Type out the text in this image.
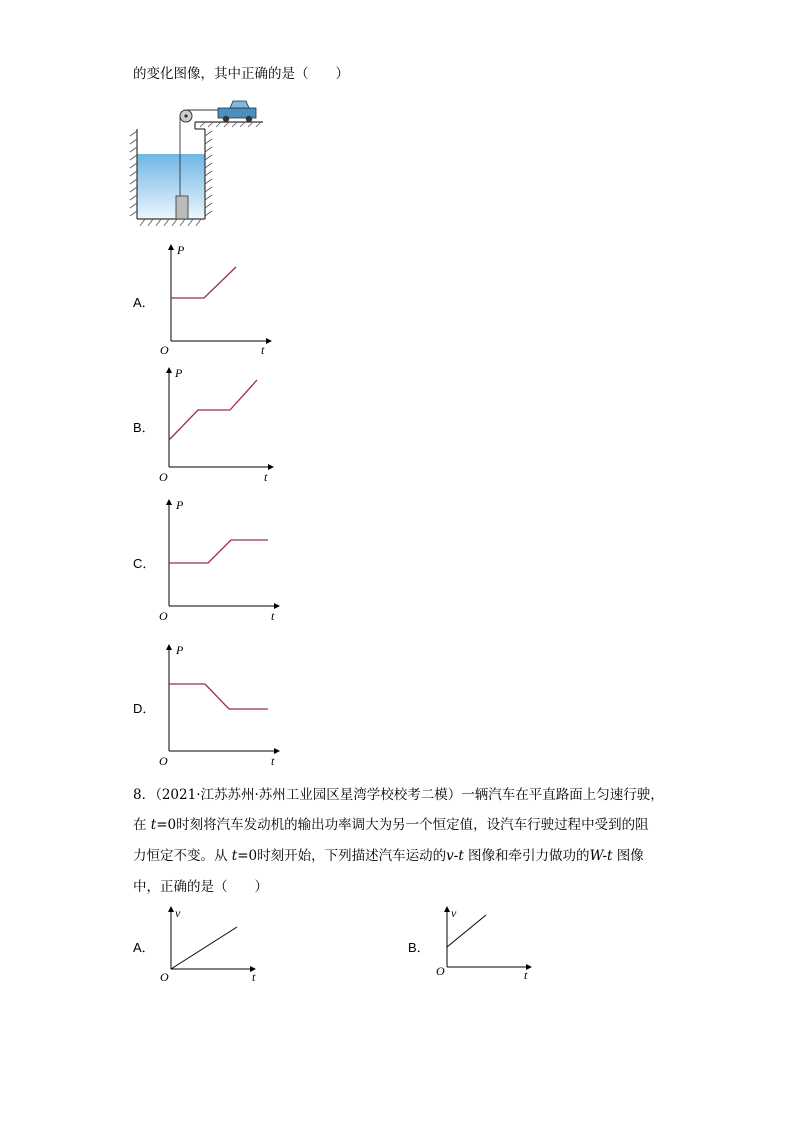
的变化图像，其中正确的是（　　）
A．
P
t
O
B．
P
t
O
C．
P
t
O
D．
P
t
O
8．（2021·江苏苏州·苏州工业园区星湾学校校考二模）一辆汽车在平直路面上匀速行驶，
在 t=0时刻将汽车发动机的输出功率调大为另一个恒定值，设汽车行驶过程中受到的阻
力恒定不变。从 t=0时刻开始，下列描述汽车运动的v-t 图像和牵引力做功的W-t 图像
中，正确的是（　　）
A．
v
t
O
B．
v
t
O
